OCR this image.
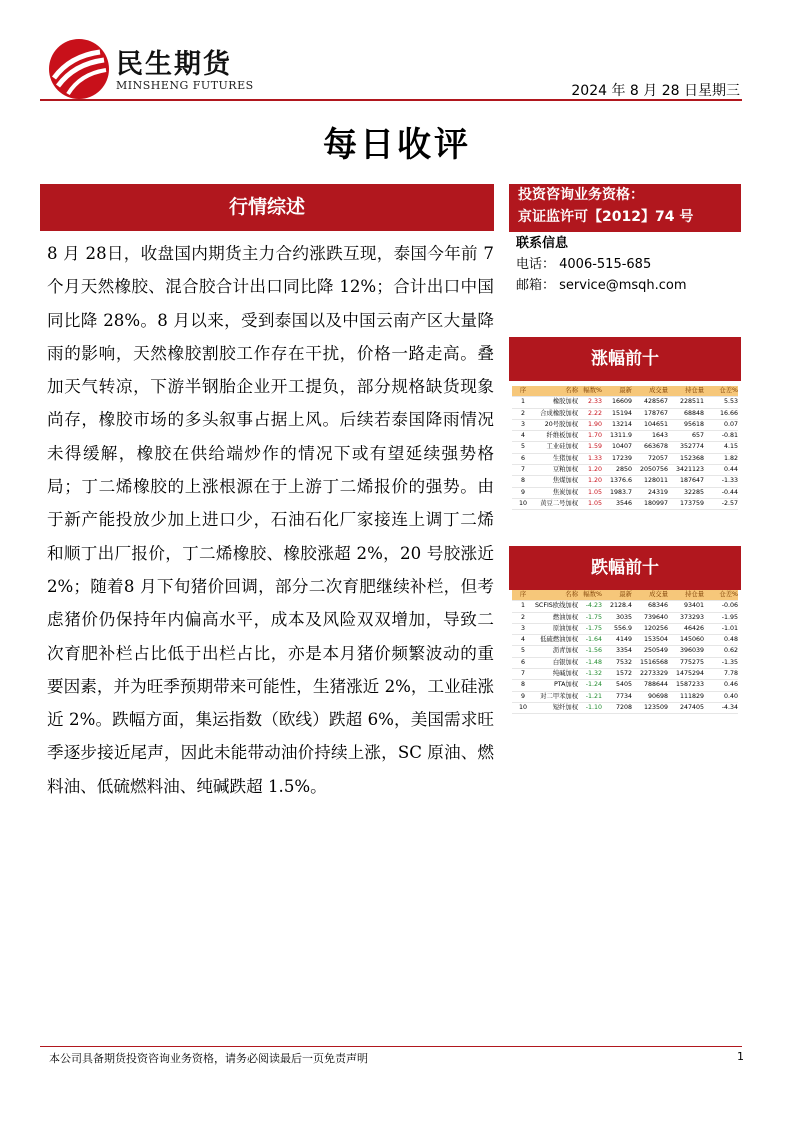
民生期货
MINSHENG FUTURES	2024 年 8 月 28 日星期三
每日收评
行情综述
8 月 28日，收盘国内期货主力合约涨跌互现，泰国今年前 7 个月天然橡胶、混合胶合计出口同比降 12%；合计出口中国同比降 28%。8 月以来，受到泰国以及中国云南产区大量降雨的影响，天然橡胶割胶工作存在干扰，价格一路走高。叠加天气转凉，下游半钢胎企业开工提负，部分规格缺货现象尚存，橡胶市场的多头叙事占据上风。后续若泰国降雨情况未得缓解，橡胶在供给端炒作的情况下或有望延续强势格局；丁二烯橡胶的上涨根源在于上游丁二烯报价的强势。由于新产能投放少加上进口少，石油石化厂家接连上调丁二烯和顺丁出厂报价，丁二烯橡胶、橡胶涨超 2%，20 号胶涨近 2%；随着8 月下旬猪价回调，部分二次育肥继续补栏，但考虑猪价仍保持年内偏高水平，成本及风险双双增加，导致二次育肥补栏占比低于出栏占比，亦是本月猪价频繁波动的重要因素，并为旺季预期带来可能性，生猪涨近 2%，工业硅涨近 2%。跌幅方面，集运指数（欧线）跌超 6%，美国需求旺季逐步接近尾声，因此未能带动油价持续上涨，SC 原油、燃料油、低硫燃料油、纯碱跌超 1.5%。
投资咨询业务资格：
京证监许可【2012】74 号
联系信息
电话： 4006-515-685
邮箱： service@msqh.com
涨幅前十
序	名称	幅数%	最新	成交量	持仓量	仓差%
1	橡胶加权	2.33	16609	428567	228511	5.53
2	合成橡胶加权	2.22	15194	178767	68848	16.66
3	20号胶加权	1.90	13214	104651	95618	0.07
4	纤维板加权	1.70	1311.9	1643	657	-0.81
5	工业硅加权	1.59	10407	663678	352774	4.15
6	生猪加权	1.33	17239	72057	152368	1.82
7	豆粕加权	1.20	2850	2050756	3421123	0.44
8	焦煤加权	1.20	1376.6	128011	187647	-1.33
9	焦炭加权	1.05	1983.7	24319	32285	-0.44
10	黄豆二号加权	1.05	3546	180997	173759	-2.57
跌幅前十
序	名称	幅数%	最新	成交量	持仓量	仓差%
1	SCFIS欧线加权	-4.23	2128.4	68346	93401	-0.06
2	燃油加权	-1.75	3035	739640	373293	-1.95
3	原油加权	-1.75	556.9	120256	46426	-1.01
4	低硫燃油加权	-1.64	4149	153504	145060	0.48
5	沥青加权	-1.56	3354	250549	396039	0.62
6	白银加权	-1.48	7532	1516568	775275	-1.35
7	纯碱加权	-1.32	1572	2273329	1475294	7.78
8	PTA加权	-1.24	5405	788644	1587233	0.46
9	对二甲苯加权	-1.21	7734	90698	111829	0.40
10	短纤加权	-1.10	7208	123509	247405	-4.34
本公司具备期货投资咨询业务资格，请务必阅读最后一页免责声明	1
